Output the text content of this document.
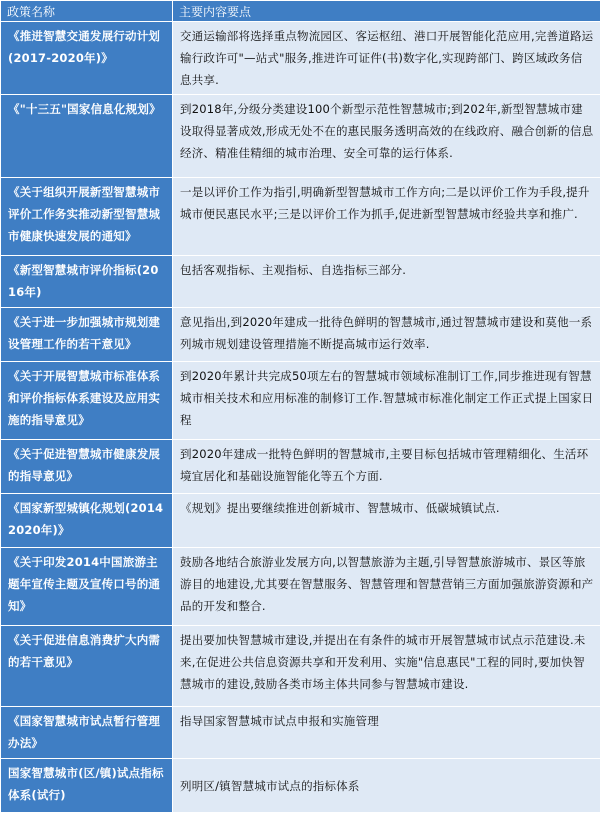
政策名称	主要内容要点
《推进智慧交通发展行动计划(2017-2020年)》	交通运输部将选择重点物流园区、客运枢纽、港口开展智能化范应用,完善道路运输行政许可"—站式"服务,推进许可证件(书)数字化,实现跨部门、跨区域政务信息共享.
《"十三五"国家信息化规划》	到2018年,分级分类建设100个新型示范性智慧城市;到202年,新型智慧城市建设取得显著成效,形成无处不在的惠民服务透明高效的在线政府、融合创新的信息经济、精准佳精细的城市治理、安全可靠的运行体系.
《关于组织开展新型智慧城市评价工作务实推动新型智慧城市健康快速发展的通知》	一是以评价工作为指引,明确新型智慧城市工作方向;二是以评价工作为手段,提升城市便民惠民水平;三是以评价工作为抓手,促进新型智慧城市经验共享和推广.
《新型智慧城市评价指标(2016年)	包括客观指标、主观指标、自选指标三部分.
《关于进一步加强城市规划建设管理工作的若干意见》	意见指出,到2020年建成一批待色鲜明的智慧城市,通过智慧城市建设和莫他一系列城市规划建设管理措施不断提高城市运行效率.
《关于开展智慧城市标准体系和评价指标体系建设及应用实施的指导意见》	到2020年累计共完成50项左右的智慧城市领域标准制订工作,同步推进现有智慧城市相关技术和应用标准的制修订工作.智慧城市标准化制定工作正式提上国家日程
《关于促进智慧城市健康发展的指导意见》	到2020年建成一批特色鲜明的智慧城市,主要目标包括城市管理精细化、生活环境宜居化和基础设施智能化等五个方面.
《国家新型城镇化规划(20142020年)》	《规划》提出要继续推进创新城市、智慧城市、低碳城镇试点.
《关于印发2014中国旅游主题年宣传主题及宣传口号的通知》	鼓励各地结合旅游业发展方向,以智慧旅游为主题,引导智慧旅游城市、景区等旅游目的地建设,尤其要在智慧服务、智慧管理和智慧营销三方面加强旅游资源和产品的开发和整合.
《关于促进信息消费扩大内需的若干意见》	提出要加快智慧城市建设,并提出在有条件的城市开展智慧城市试点示范建设.未来,在促进公共信息资源共享和开发利用、实施"信息惠民"工程的同时,要加快智慧城市的建设,鼓励各类市场主体共同参与智慧城市建设.
《国家智慧城市试点暂行管理办法》	指导国家智慧城市试点申报和实施管理
国家智慧城市(区/镇)试点指标体系(试行)	列明区/镇智慧城市试点的指标体系
